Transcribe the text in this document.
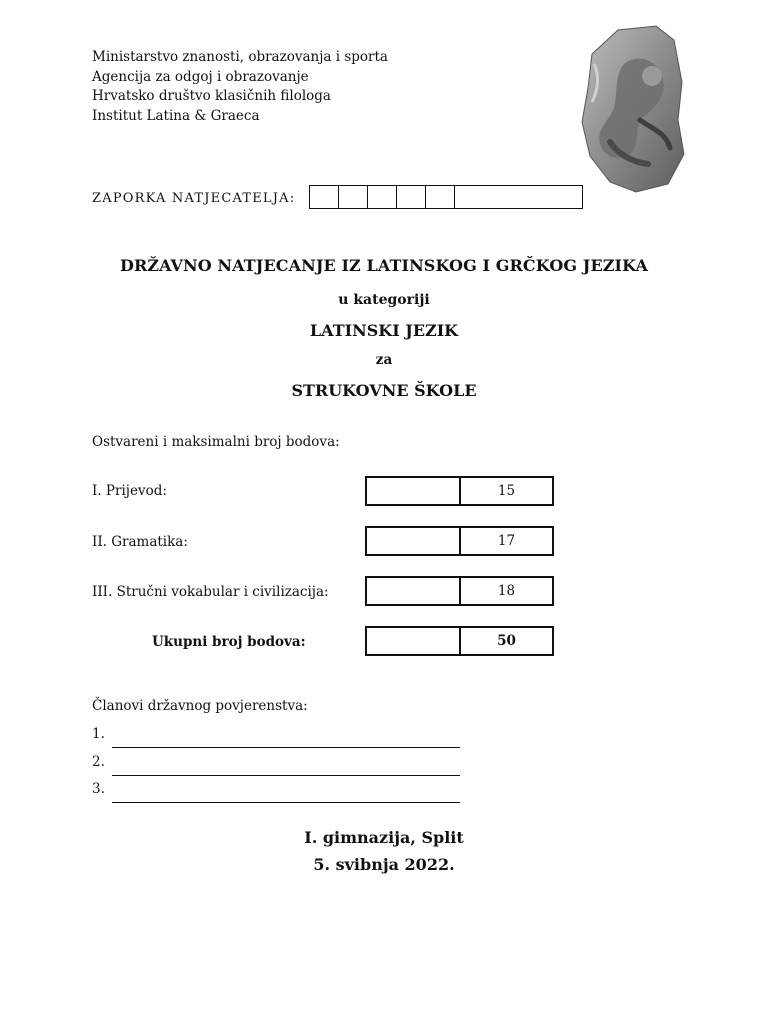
Ministarstvo znanosti, obrazovanja i sporta
Agencija za odgoj i obrazovanje
Hrvatsko društvo klasičnih filologa
Institut Latina & Graeca
ZAPORKA NATJECATELJA:
DRŽAVNO NATJECANJE IZ LATINSKOG I GRČKOG JEZIKA
u kategoriji
LATINSKI JEZIK
za
STRUKOVNE ŠKOLE
Ostvareni i maksimalni broj bodova:
I. Prijevod:	15
II. Gramatika:	17
III. Stručni vokabular i civilizacija:	18
Ukupni broj bodova:	50
Članovi državnog povjerenstva:
1.
2.
3.
I. gimnazija, Split
5. svibnja 2022.
